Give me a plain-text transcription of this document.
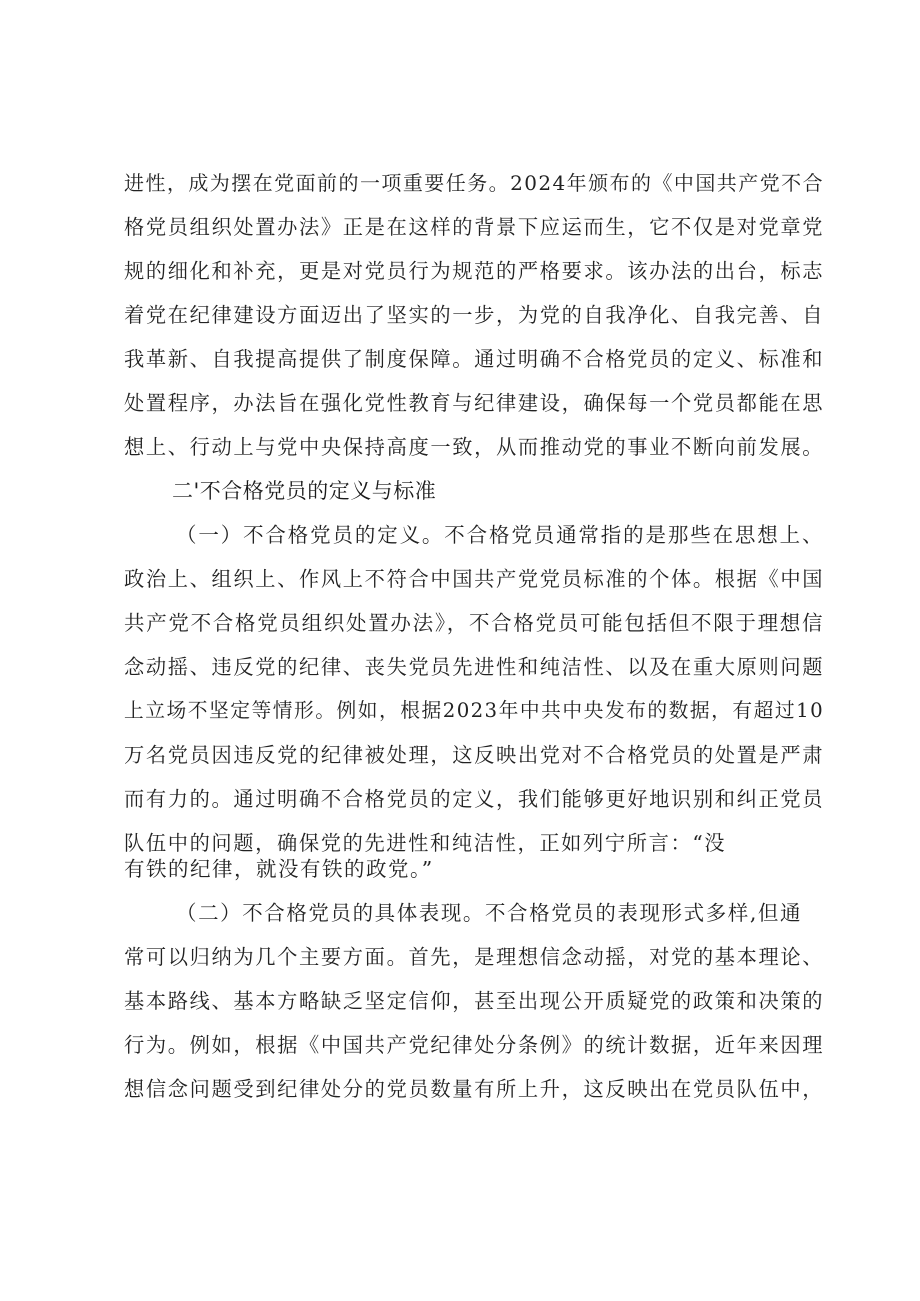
进性，成为摆在党面前的一项重要任务。2024年颁布的《中国共产党不合
格党员组织处置办法》正是在这样的背景下应运而生，它不仅是对党章党
规的细化和补充，更是对党员行为规范的严格要求。该办法的出台，标志
着党在纪律建设方面迈出了坚实的一步，为党的自我净化、自我完善、自
我革新、自我提高提供了制度保障。通过明确不合格党员的定义、标准和
处置程序，办法旨在强化党性教育与纪律建设，确保每一个党员都能在思
想上、行动上与党中央保持高度一致，从而推动党的事业不断向前发展。
二'不合格党员的定义与标准
（一）不合格党员的定义。不合格党员通常指的是那些在思想上、
政治上、组织上、作风上不符合中国共产党党员标准的个体。根据《中国
共产党不合格党员组织处置办法》，不合格党员可能包括但不限于理想信
念动摇、违反党的纪律、丧失党员先进性和纯洁性、以及在重大原则问题
上立场不坚定等情形。例如，根据2023年中共中央发布的数据，有超过10
万名党员因违反党的纪律被处理，这反映出党对不合格党员的处置是严肃
而有力的。通过明确不合格党员的定义，我们能够更好地识别和纠正党员
队伍中的问题，确保党的先进性和纯洁性，正如列宁所言：“没
有铁的纪律，就没有铁的政党。”
（二）不合格党员的具体表现。不合格党员的表现形式多样,但通
常可以归纳为几个主要方面。首先，是理想信念动摇，对党的基本理论、
基本路线、基本方略缺乏坚定信仰，甚至出现公开质疑党的政策和决策的
行为。例如，根据《中国共产党纪律处分条例》的统计数据，近年来因理
想信念问题受到纪律处分的党员数量有所上升，这反映出在党员队伍中，
